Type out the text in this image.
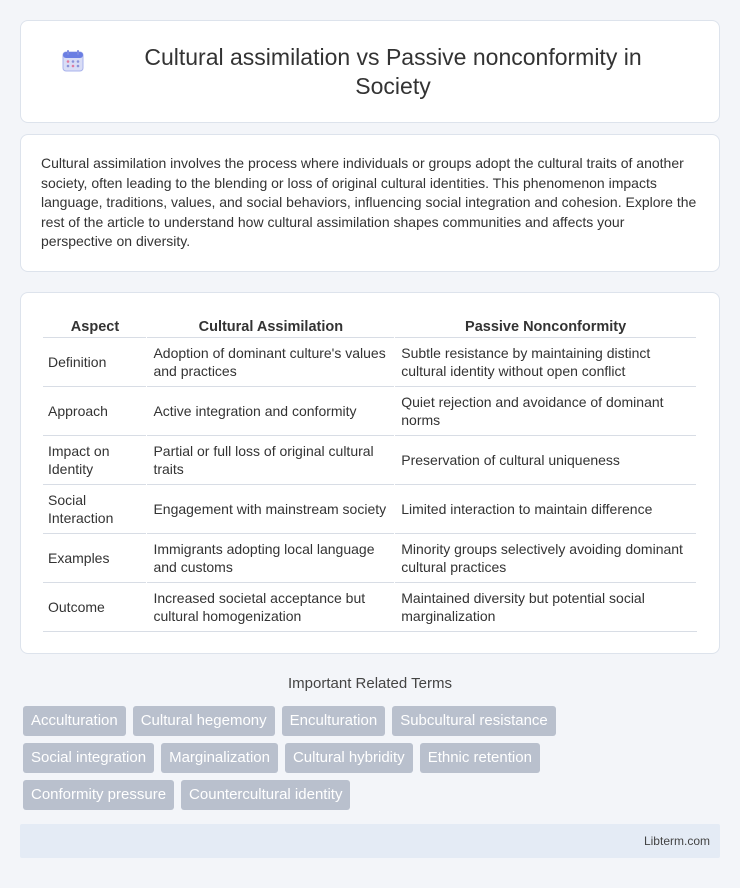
Cultural assimilation vs Passive nonconformity in Society

Cultural assimilation involves the process where individuals or groups adopt the cultural traits of another society, often leading to the blending or loss of original cultural identities. This phenomenon impacts language, traditions, values, and social behaviors, influencing social integration and cohesion. Explore the rest of the article to understand how cultural assimilation shapes communities and affects your perspective on diversity.

Aspect	Cultural Assimilation	Passive Nonconformity
Definition	Adoption of dominant culture's values and practices	Subtle resistance by maintaining distinct cultural identity without open conflict
Approach	Active integration and conformity	Quiet rejection and avoidance of dominant norms
Impact on Identity	Partial or full loss of original cultural traits	Preservation of cultural uniqueness
Social Interaction	Engagement with mainstream society	Limited interaction to maintain difference
Examples	Immigrants adopting local language and customs	Minority groups selectively avoiding dominant cultural practices
Outcome	Increased societal acceptance but cultural homogenization	Maintained diversity but potential social marginalization
Important Related Terms
Acculturation	Cultural hegemony	Enculturation	Subcultural resistance
Social integration	Marginalization	Cultural hybridity	Ethnic retention
Conformity pressure	Countercultural identity
Libterm.com
